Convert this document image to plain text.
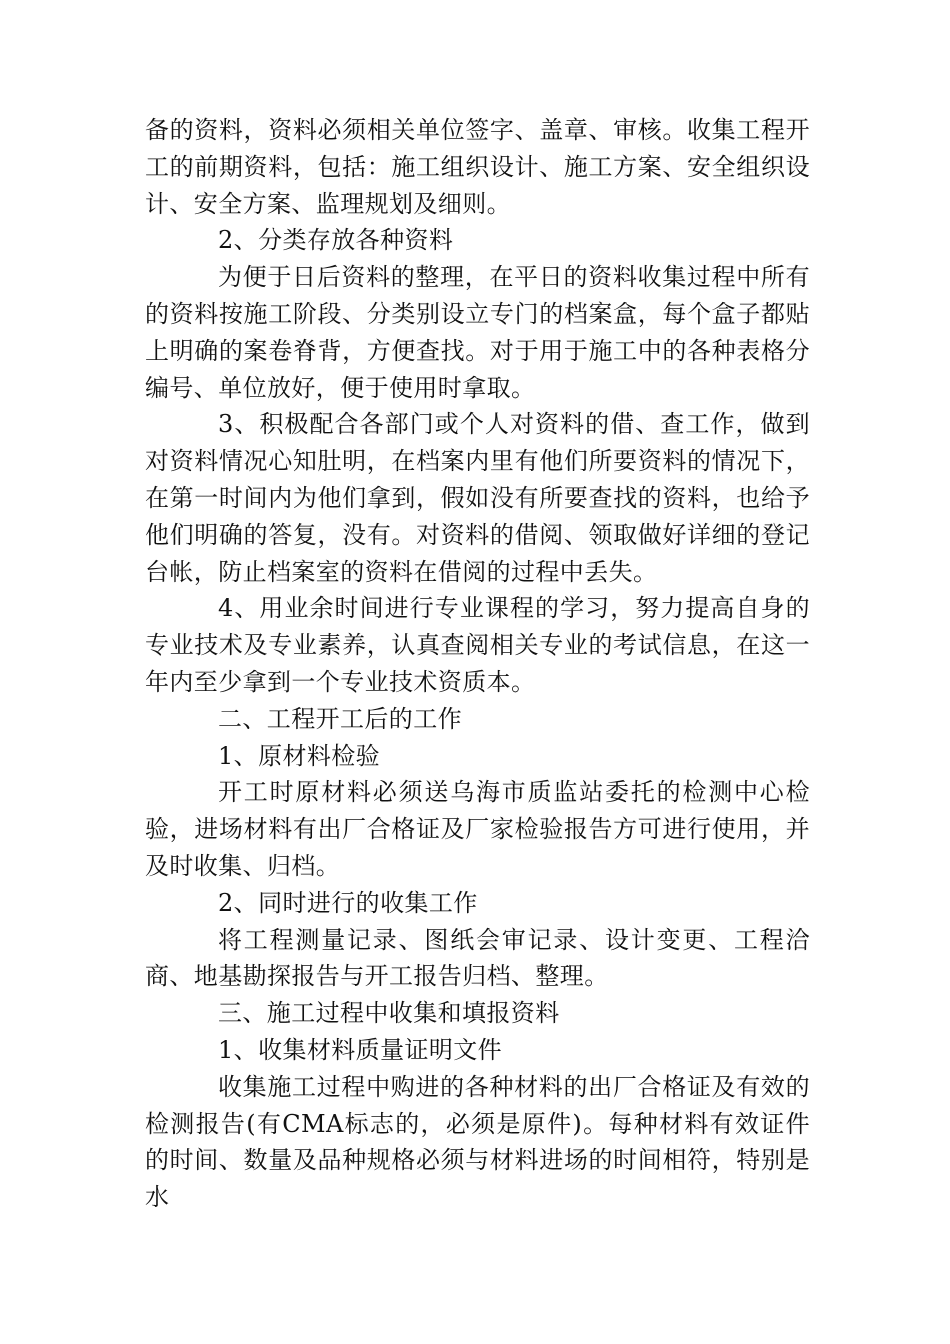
备的资料，资料必须相关单位签字、盖章、审核。收集工程开工的前期资料，包括：施工组织设计、施工方案、安全组织设计、安全方案、监理规划及细则。

2、分类存放各种资料

为便于日后资料的整理，在平日的资料收集过程中所有的资料按施工阶段、分类别设立专门的档案盒，每个盒子都贴上明确的案卷脊背，方便查找。对于用于施工中的各种表格分编号、单位放好，便于使用时拿取。

3、积极配合各部门或个人对资料的借、查工作，做到对资料情况心知肚明，在档案内里有他们所要资料的情况下，在第一时间内为他们拿到，假如没有所要查找的资料，也给予他们明确的答复，没有。对资料的借阅、领取做好详细的登记台帐，防止档案室的资料在借阅的过程中丢失。

4、用业余时间进行专业课程的学习，努力提高自身的专业技术及专业素养，认真查阅相关专业的考试信息，在这一年内至少拿到一个专业技术资质本。

二、工程开工后的工作

1、原材料检验

开工时原材料必须送乌海市质监站委托的检测中心检验，进场材料有出厂合格证及厂家检验报告方可进行使用，并及时收集、归档。

2、同时进行的收集工作

将工程测量记录、图纸会审记录、设计变更、工程洽商、地基勘探报告与开工报告归档、整理。

三、施工过程中收集和填报资料

1、收集材料质量证明文件

收集施工过程中购进的各种材料的出厂合格证及有效的检测报告(有CMA标志的，必须是原件)。每种材料有效证件的时间、数量及品种规格必须与材料进场的时间相符，特别是水
